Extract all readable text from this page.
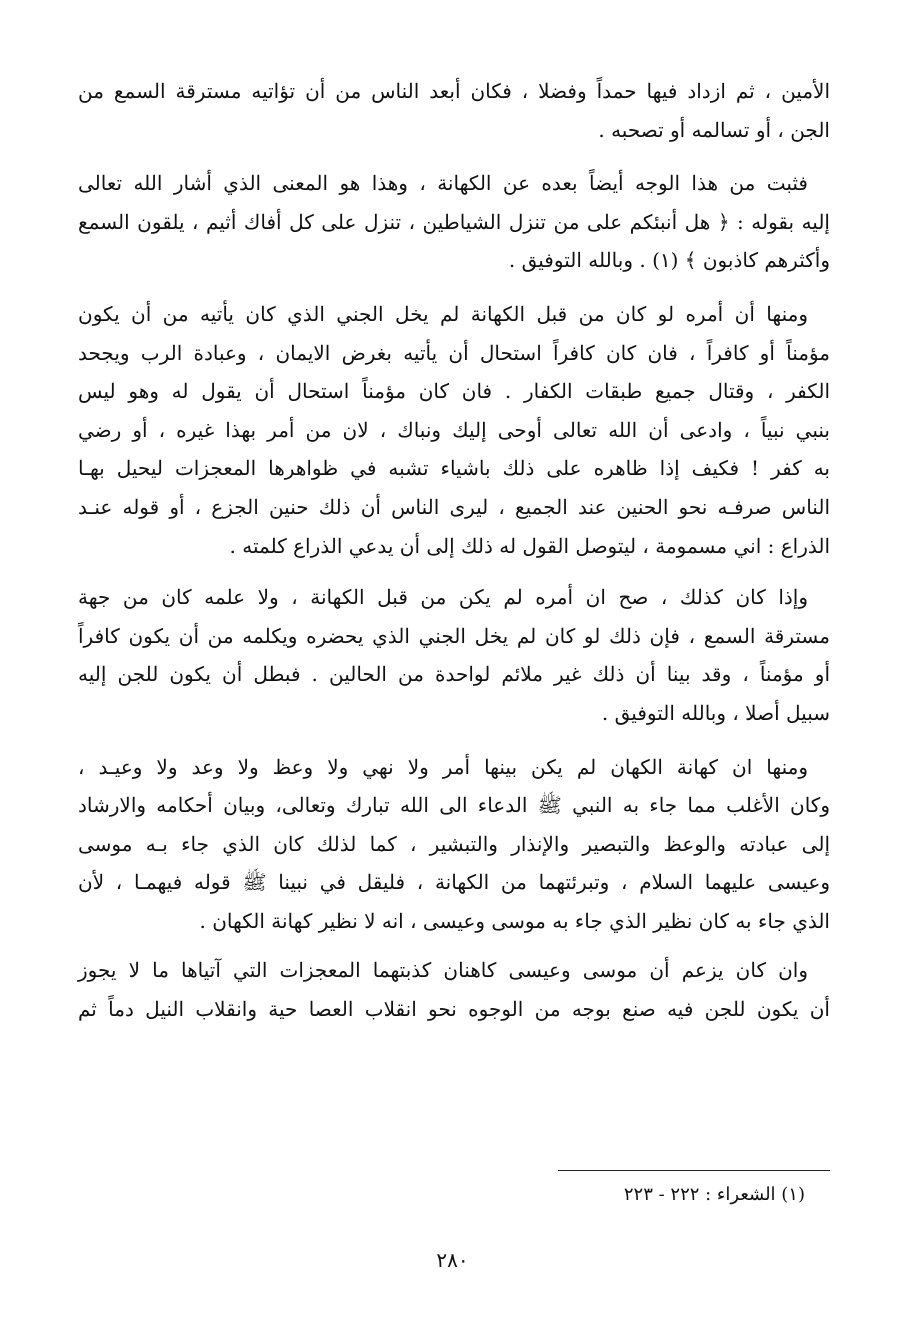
الأمين ، ثم ازداد فيها حمداً وفضلا ، فكان أبعد الناس من أن تؤاتيه مسترقة السمع من
الجن ، أو تسالمه أو تصحبه .

فثبت من هذا الوجه أيضاً بعده عن الكهانة ، وهذا هو المعنى الذي أشار الله تعالى
إليه بقوله : ﴿ هل أنبئكم على من تنزل الشياطين ، تنزل على كل أفاك أثيم ، يلقون السمع
وأكثرهم كاذبون ﴾ (١) . وبالله التوفيق .

ومنها أن أمره لو كان من قبل الكهانة لم يخل الجني الذي كان يأتيه من أن يكون
مؤمناً أو كافراً ، فان كان كافراً استحال أن يأتيه بغرض الايمان ، وعبادة الرب ويجحد
الكفر ، وقتال جميع طبقات الكفار . فان كان مؤمناً استحال أن يقول له وهو ليس
بنبي نبياً ، وادعى أن الله تعالى أوحى إليك ونباك ، لان من أمر بهذا غيره ، أو رضي
به كفر ! فكيف إذا ظاهره على ذلك باشياء تشبه في ظواهرها المعجزات ليحيل بهـا
الناس صرفـه نحو الحنين عند الجميع ، ليرى الناس أن ذلك حنين الجزع ، أو قوله عنـد
الذراع : اني مسمومة ، ليتوصل القول له ذلك إلى أن يدعي الذراع كلمته .

وإذا كان كذلك ، صح ان أمره لم يكن من قبل الكهانة ، ولا علمه كان من جهة
مسترقة السمع ، فإن ذلك لو كان لم يخل الجني الذي يحضره ويكلمه من أن يكون كافراً
أو مؤمناً ، وقد بينا أن ذلك غير ملائم لواحدة من الحالين . فبطل أن يكون للجن إليه
سبيل أصلا ، وبالله التوفيق .

ومنها ان كهانة الكهان لم يكن بينها أمر ولا نهي ولا وعظ ولا وعد ولا وعيـد ،
وكان الأغلب مما جاء به النبي ﷺ الدعاء الى الله تبارك وتعالى، وبيان أحكامه والارشاد
إلى عبادته والوعظ والتبصير والإنذار والتبشير ، كما لذلك كان الذي جاء بـه موسى
وعيسى عليهما السلام ، وتبرئتهما من الكهانة ، فليقل في نبينا ﷺ قوله فيهمـا ، لأن
الذي جاء به كان نظير الذي جاء به موسى وعيسى ، انه لا نظير كهانة الكهان .

وان كان يزعم أن موسى وعيسى كاهنان كذبتهما المعجزات التي آتياها ما لا يجوز
أن يكون للجن فيه صنع بوجه من الوجوه نحو انقلاب العصا حية وانقلاب النيل دماً ثم

(١) الشعراء : ٢٢٢ - ٢٢٣
٢٨٠
